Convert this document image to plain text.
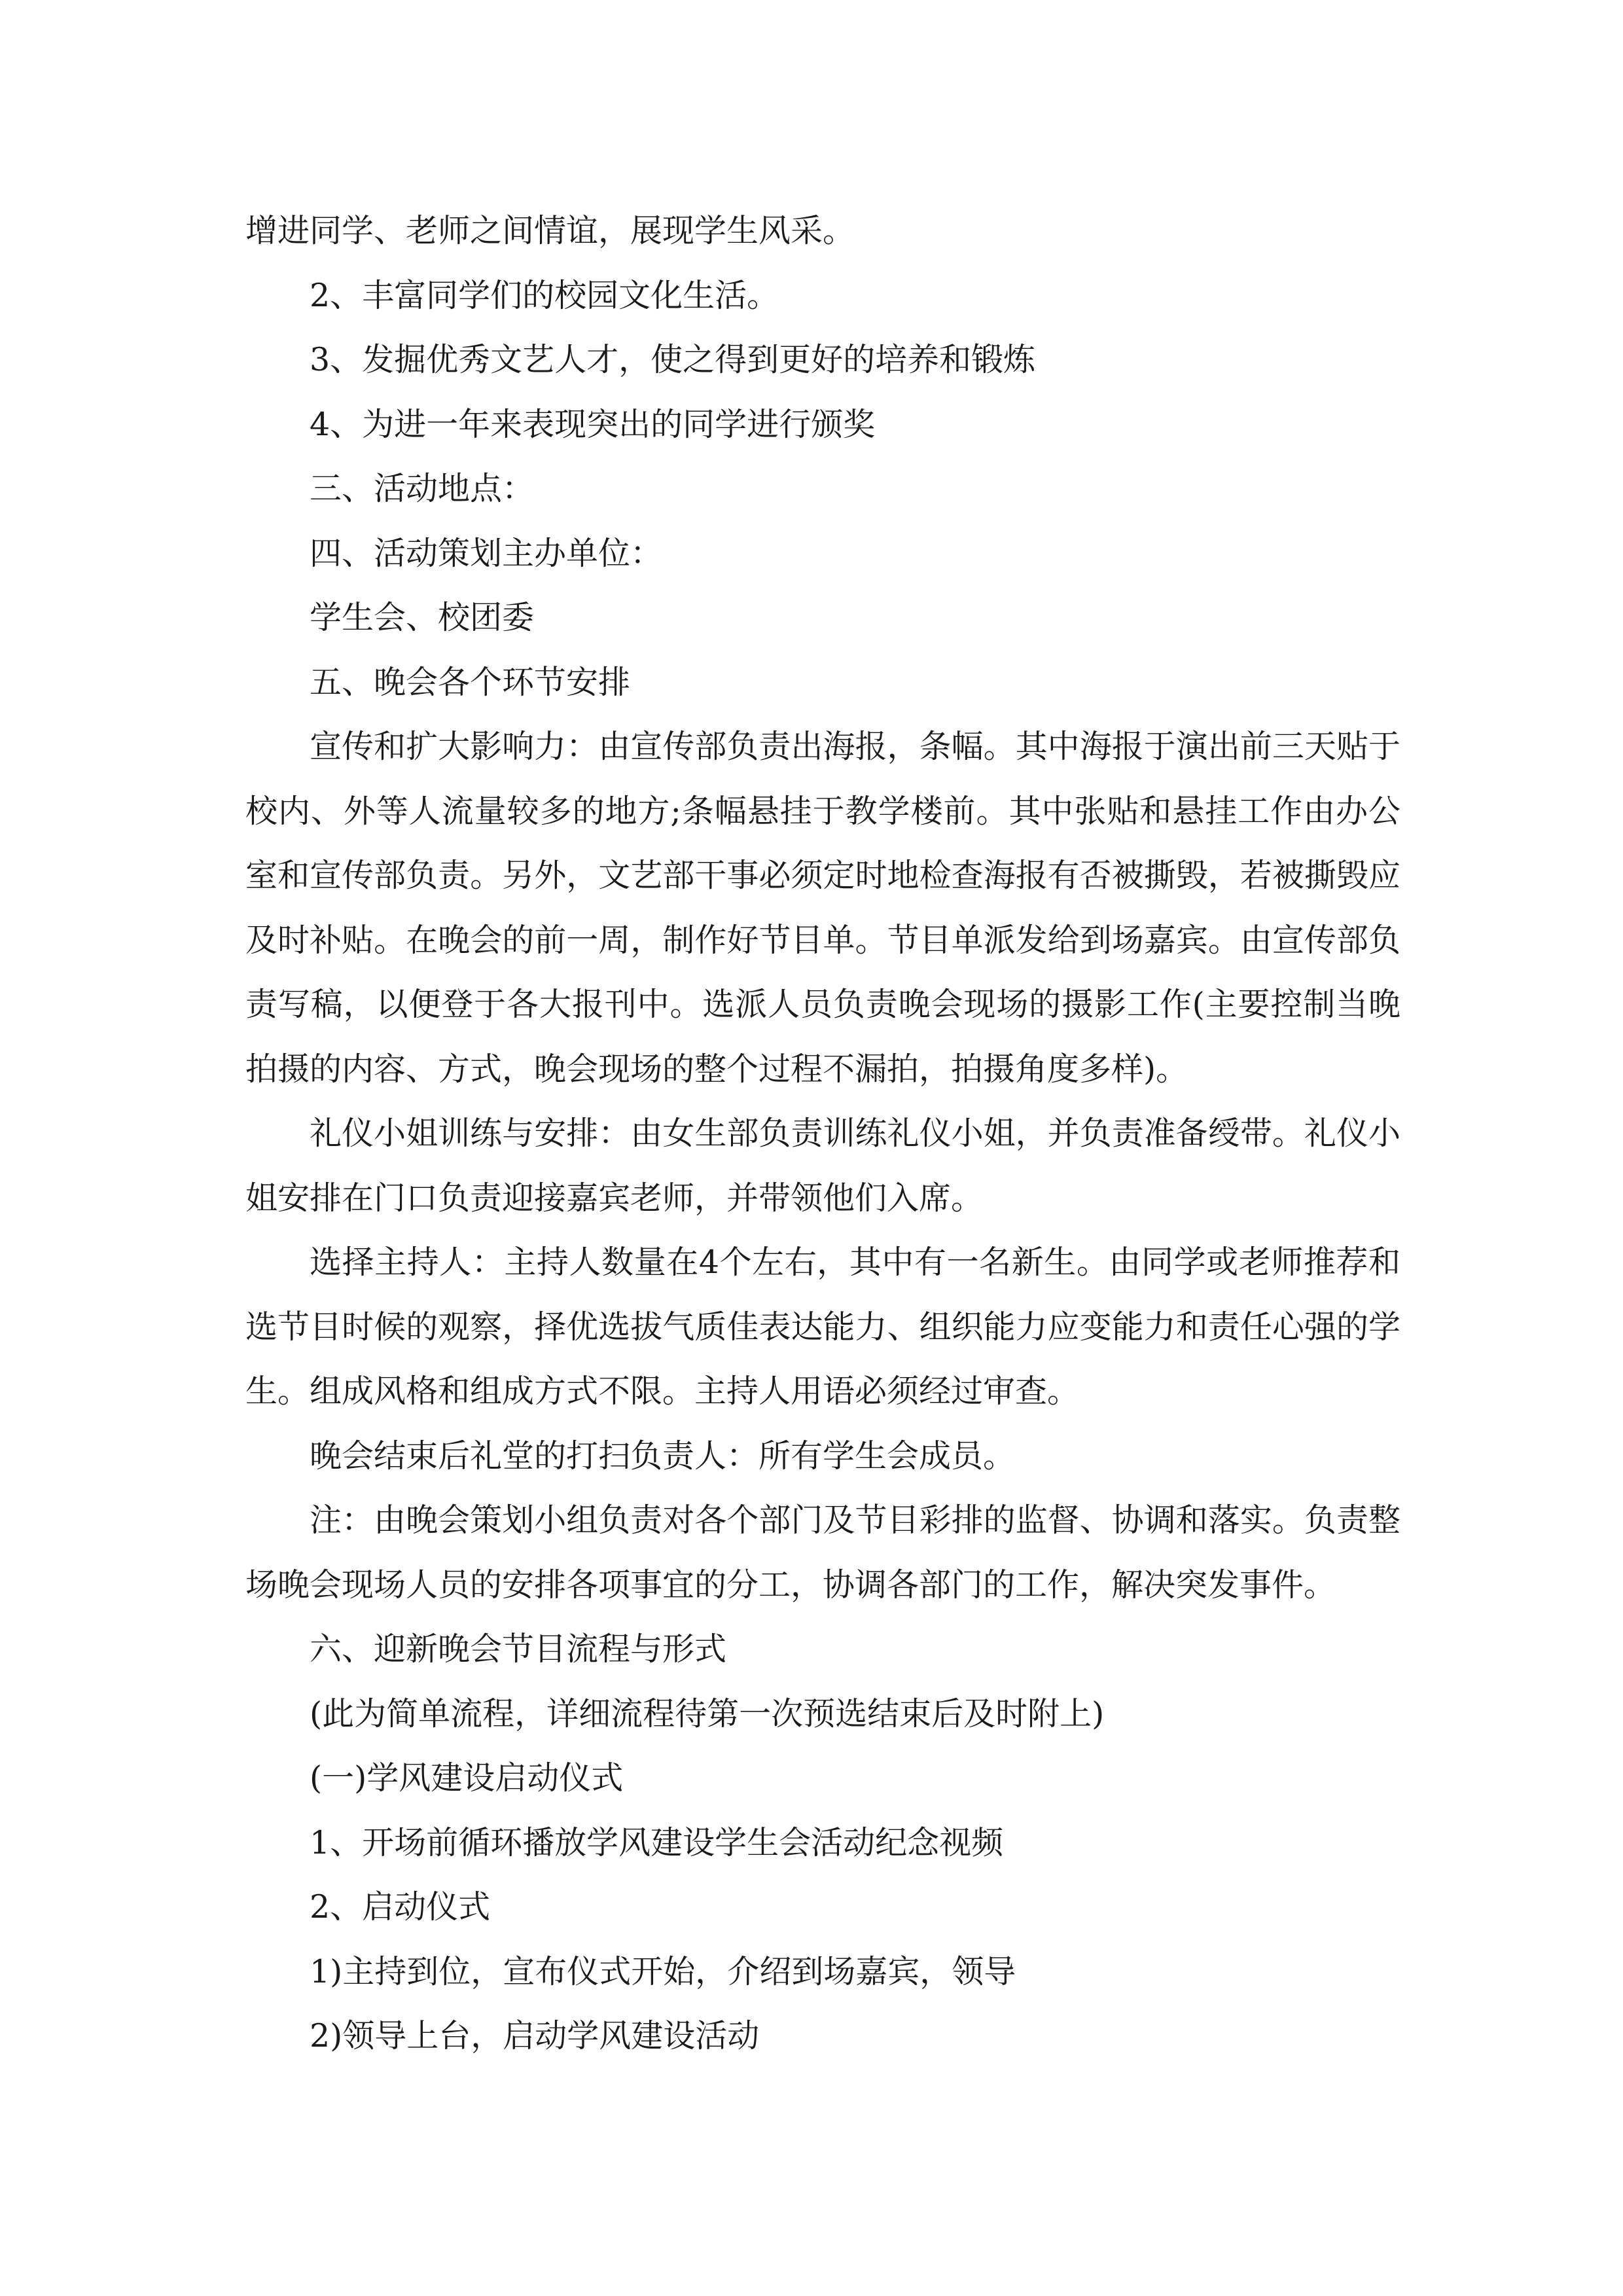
增进同学、老师之间情谊，展现学生风采。

2、丰富同学们的校园文化生活。

3、发掘优秀文艺人才，使之得到更好的培养和锻炼

4、为进一年来表现突出的同学进行颁奖

三、活动地点：

四、活动策划主办单位：

学生会、校团委

五、晚会各个环节安排

宣传和扩大影响力：由宣传部负责出海报，条幅。其中海报于演出前三天贴于校内、外等人流量较多的地方;条幅悬挂于教学楼前。其中张贴和悬挂工作由办公室和宣传部负责。另外，文艺部干事必须定时地检查海报有否被撕毁，若被撕毁应及时补贴。在晚会的前一周，制作好节目单。节目单派发给到场嘉宾。由宣传部负责写稿，以便登于各大报刊中。选派人员负责晚会现场的摄影工作(主要控制当晚拍摄的内容、方式，晚会现场的整个过程不漏拍，拍摄角度多样)。

礼仪小姐训练与安排：由女生部负责训练礼仪小姐，并负责准备绶带。礼仪小姐安排在门口负责迎接嘉宾老师，并带领他们入席。

选择主持人：主持人数量在4个左右，其中有一名新生。由同学或老师推荐和选节目时候的观察，择优选拔气质佳表达能力、组织能力应变能力和责任心强的学生。组成风格和组成方式不限。主持人用语必须经过审查。

晚会结束后礼堂的打扫负责人：所有学生会成员。

注：由晚会策划小组负责对各个部门及节目彩排的监督、协调和落实。负责整场晚会现场人员的安排各项事宜的分工，协调各部门的工作，解决突发事件。

六、迎新晚会节目流程与形式

(此为简单流程，详细流程待第一次预选结束后及时附上)

(一)学风建设启动仪式

1、开场前循环播放学风建设学生会活动纪念视频

2、启动仪式

1)主持到位，宣布仪式开始，介绍到场嘉宾，领导

2)领导上台，启动学风建设活动
